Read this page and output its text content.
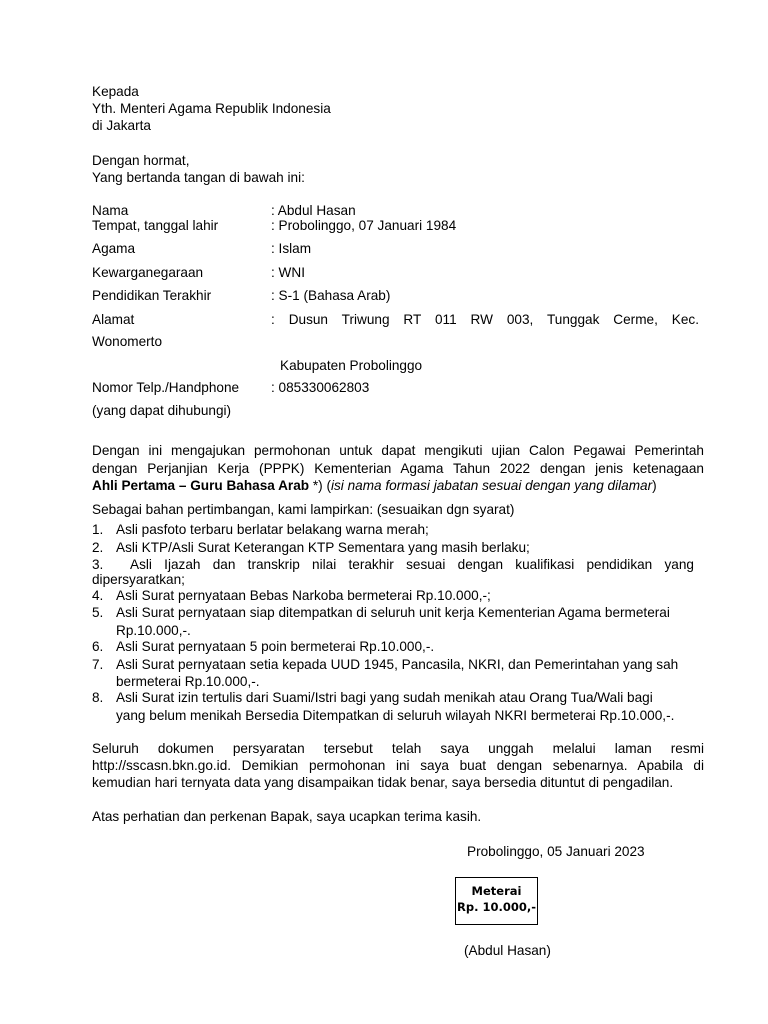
Kepada
Yth. Menteri Agama Republik Indonesia
di Jakarta
Dengan hormat,
Yang bertanda tangan di bawah ini:
Nama	: Abdul Hasan
Tempat, tanggal lahir	: Probolinggo, 07 Januari 1984
Agama	: Islam
Kewarganegaraan	: WNI
Pendidikan Terakhir	: S-1 (Bahasa Arab)
Alamat	: Dusun Triwung RT 011 RW 003, Tunggak Cerme, Kec.
Wonomerto
Kabupaten Probolinggo
Nomor Telp./Handphone : 085330062803
(yang dapat dihubungi)
Dengan ini mengajukan permohonan untuk dapat mengikuti ujian Calon Pegawai Pemerintah
dengan Perjanjian Kerja (PPPK) Kementerian Agama Tahun 2022 dengan jenis ketenagaan
Ahli Pertama – Guru Bahasa Arab *) (isi nama formasi jabatan sesuai dengan yang dilamar)
Sebagai bahan pertimbangan, kami lampirkan: (sesuaikan dgn syarat)
1. Asli pasfoto terbaru berlatar belakang warna merah;
2. Asli KTP/Asli Surat Keterangan KTP Sementara yang masih berlaku;
3. Asli Ijazah dan transkrip nilai terakhir sesuai dengan kualifikasi pendidikan yang
dipersyaratkan;
4. Asli Surat pernyataan Bebas Narkoba bermeterai Rp.10.000,-;
5. Asli Surat pernyataan siap ditempatkan di seluruh unit kerja Kementerian Agama bermeterai
Rp.10.000,-.
6. Asli Surat pernyataan 5 poin bermeterai Rp.10.000,-.
7. Asli Surat pernyataan setia kepada UUD 1945, Pancasila, NKRI, dan Pemerintahan yang sah
bermeterai Rp.10.000,-.
8. Asli Surat izin tertulis dari Suami/Istri bagi yang sudah menikah atau Orang Tua/Wali bagi
yang belum menikah Bersedia Ditempatkan di seluruh wilayah NKRI bermeterai Rp.10.000,-.
Seluruh dokumen persyaratan tersebut telah saya unggah melalui laman resmi
http://sscasn.bkn.go.id. Demikian permohonan ini saya buat dengan sebenarnya. Apabila di
kemudian hari ternyata data yang disampaikan tidak benar, saya bersedia dituntut di pengadilan.
Atas perhatian dan perkenan Bapak, saya ucapkan terima kasih.
Probolinggo, 05 Januari 2023
Meterai
Rp. 10.000,-
(Abdul Hasan)
